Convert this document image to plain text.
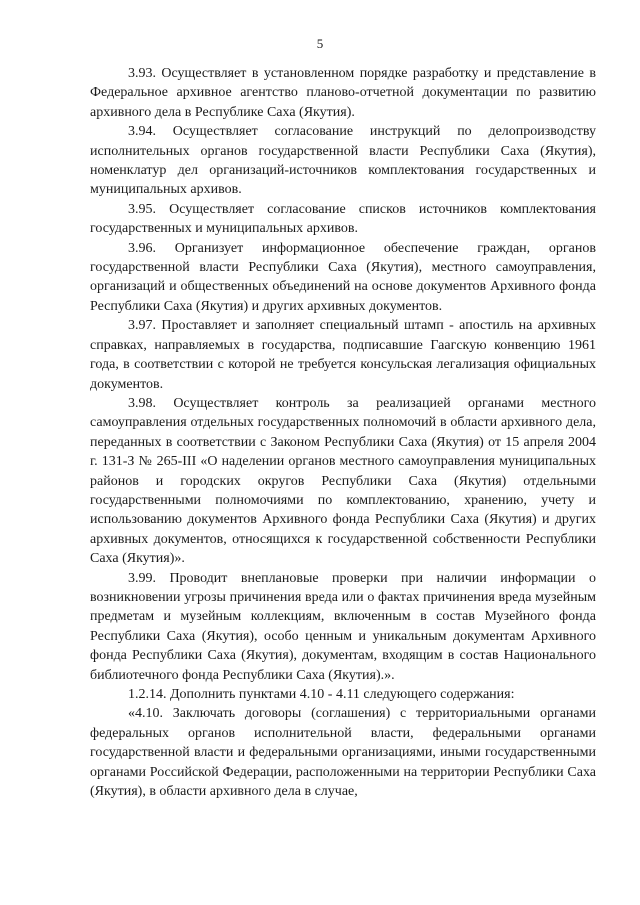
5

3.93. Осуществляет в установленном порядке разработку и представление в Федеральное архивное агентство планово-отчетной документации по развитию архивного дела в Республике Саха (Якутия).

3.94. Осуществляет согласование инструкций по делопроизводству исполнительных органов государственной власти Республики Саха (Якутия), номенклатур дел организаций-источников комплектования государственных и муниципальных архивов.

3.95. Осуществляет согласование списков источников комплектования государственных и муниципальных архивов.

3.96. Организует информационное обеспечение граждан, органов государственной власти Республики Саха (Якутия), местного самоуправления, организаций и общественных объединений на основе документов Архивного фонда Республики Саха (Якутия) и других архивных документов.

3.97. Проставляет и заполняет специальный штамп - апостиль на архивных справках, направляемых в государства, подписавшие Гаагскую конвенцию 1961 года, в соответствии с которой не требуется консульская легализация официальных документов.

3.98. Осуществляет контроль за реализацией органами местного самоуправления отдельных государственных полномочий в области архивного дела, переданных в соответствии с Законом Республики Саха (Якутия) от 15 апреля 2004 г. 131-З № 265-III «О наделении органов местного самоуправления муниципальных районов и городских округов Республики Саха (Якутия) отдельными государственными полномочиями по комплектованию, хранению, учету и использованию документов Архивного фонда Республики Саха (Якутия) и других архивных документов, относящихся к государственной собственности Республики Саха (Якутия)».

3.99. Проводит внеплановые проверки при наличии информации о возникновении угрозы причинения вреда или о фактах причинения вреда музейным предметам и музейным коллекциям, включенным в состав Музейного фонда Республики Саха (Якутия), особо ценным и уникальным документам Архивного фонда Республики Саха (Якутия), документам, входящим в состав Национального библиотечного фонда Республики Саха (Якутия).».

1.2.14. Дополнить пунктами 4.10 - 4.11 следующего содержания:

«4.10. Заключать договоры (соглашения) с территориальными органами федеральных органов исполнительной власти, федеральными органами государственной власти и федеральными организациями, иными государственными органами Российской Федерации, расположенными на территории Республики Саха (Якутия), в области архивного дела в случае,
